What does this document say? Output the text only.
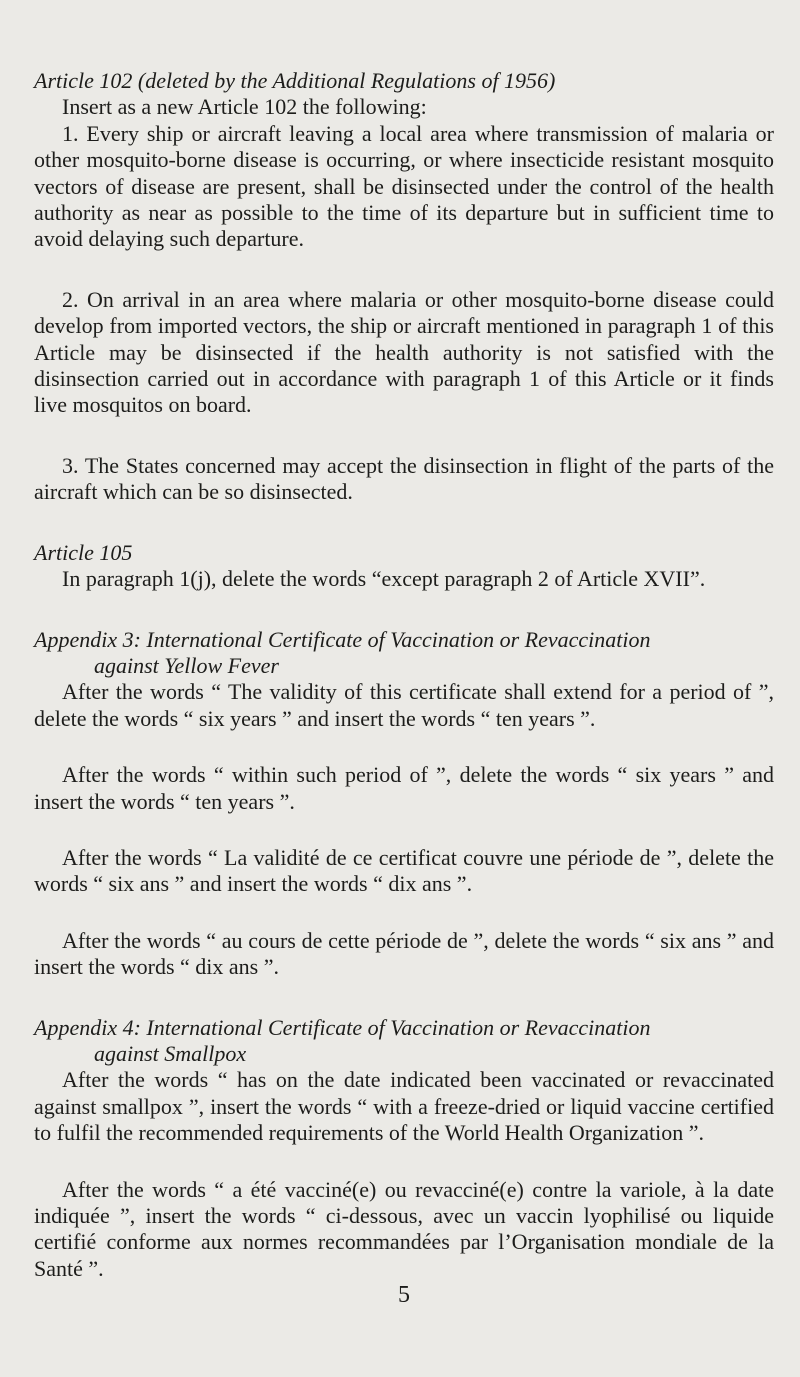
Article 102 (deleted by the Additional Regulations of 1956)

Insert as a new Article 102 the following:

1. Every ship or aircraft leaving a local area where transmission of malaria or other mosquito-borne disease is occurring, or where insecticide resistant mosquito vectors of disease are present, shall be disinsected under the control of the health authority as near as possible to the time of its departure but in sufficient time to avoid delaying such departure.

2. On arrival in an area where malaria or other mosquito-borne disease could develop from imported vectors, the ship or aircraft mentioned in paragraph 1 of this Article may be disinsected if the health authority is not satisfied with the disinsection carried out in accordance with paragraph 1 of this Article or it finds live mosquitos on board.

3. The States concerned may accept the disinsection in flight of the parts of the aircraft which can be so disinsected.

Article 105

In paragraph 1(j), delete the words “except paragraph 2 of Article XVII”.

Appendix 3: International Certificate of Vaccination or Revaccination

against Yellow Fever

After the words “ The validity of this certificate shall extend for a period of ”, delete the words “ six years ” and insert the words “ ten years ”.

After the words “ within such period of ”, delete the words “ six years ” and insert the words “ ten years ”.

After the words “ La validité de ce certificat couvre une période de ”, delete the words “ six ans ” and insert the words “ dix ans ”.

After the words “ au cours de cette période de ”, delete the words “ six ans ” and insert the words “ dix ans ”.

Appendix 4: International Certificate of Vaccination or Revaccination

against Smallpox

After the words “ has on the date indicated been vaccinated or revaccinated against smallpox ”, insert the words “ with a freeze-dried or liquid vaccine certified to fulfil the recommended requirements of the World Health Organization ”.

After the words “ a été vacciné(e) ou revacciné(e) contre la variole, à la date indiquée ”, insert the words “ ci-dessous, avec un vaccin lyophilisé ou liquide certifié conforme aux normes recommandées par l’Organisation mondiale de la Santé ”.

5
